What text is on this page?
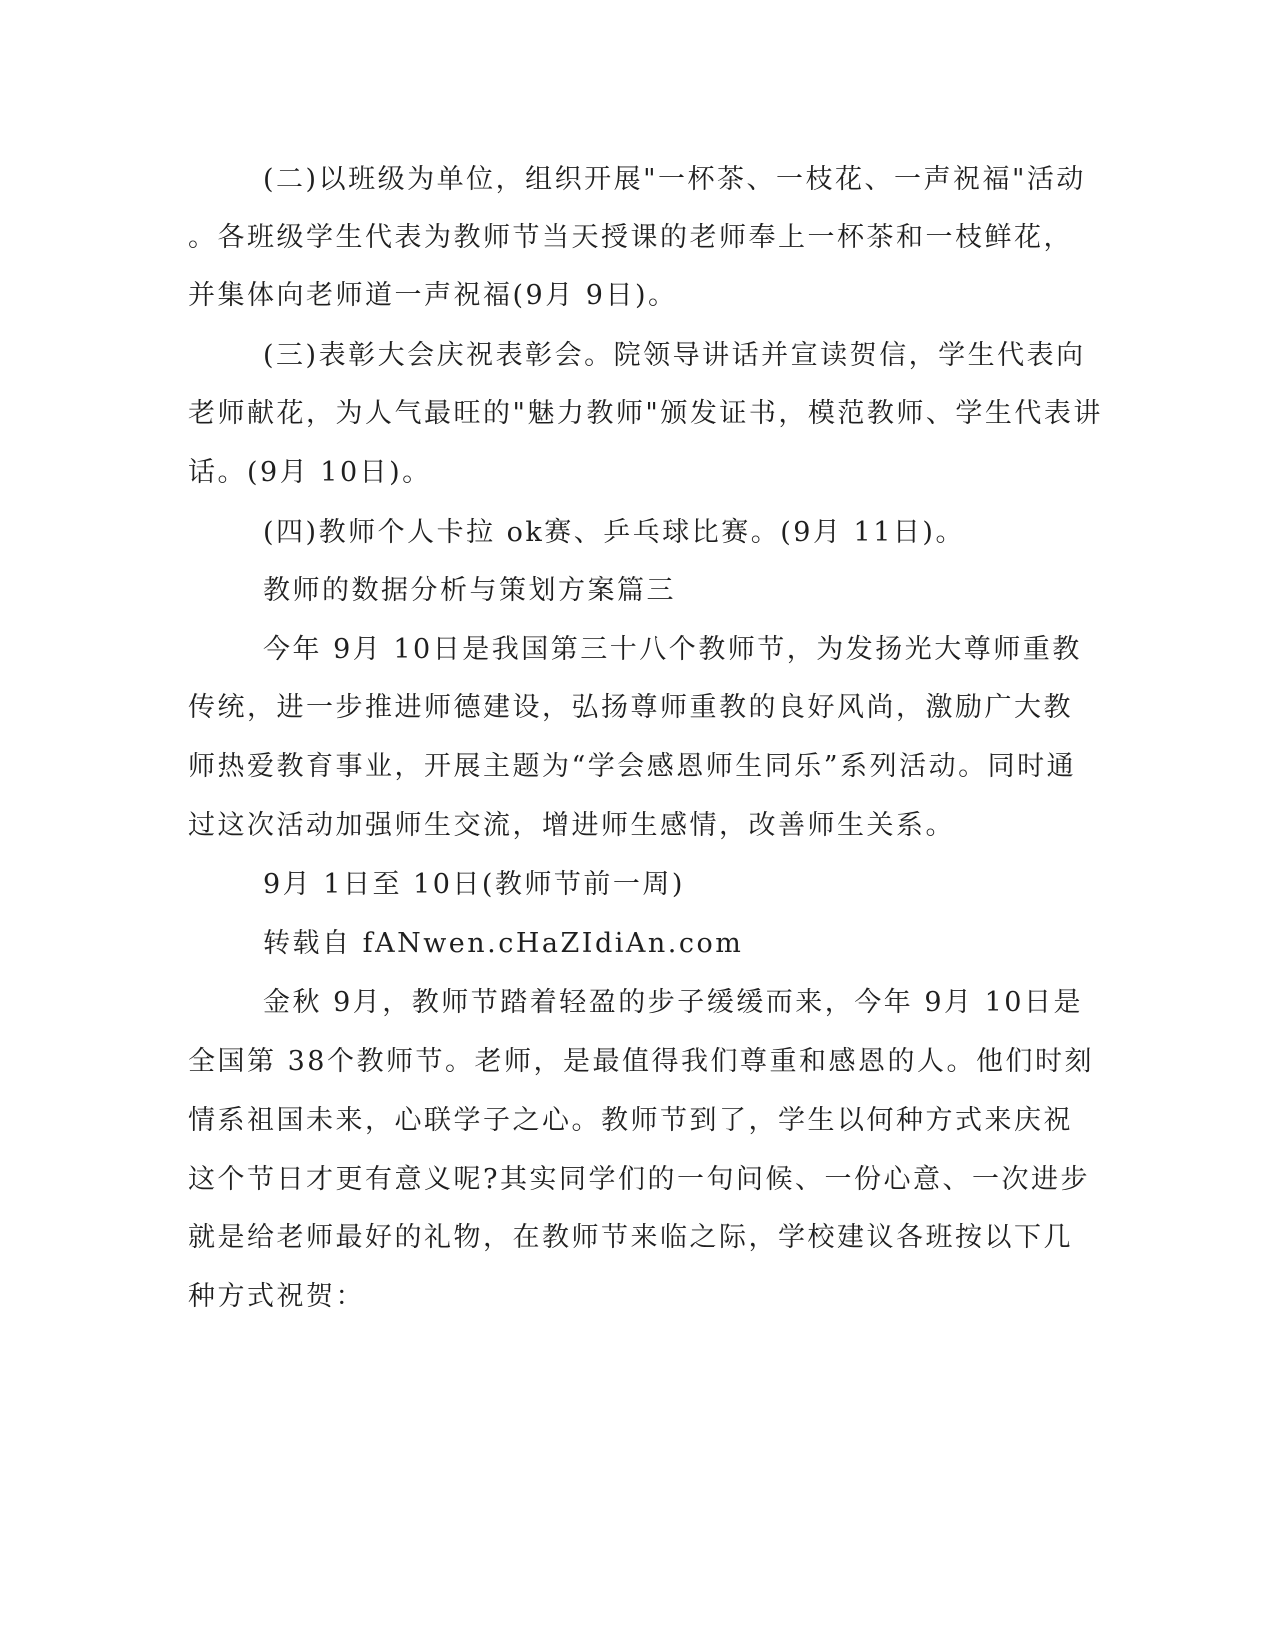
(二)以班级为单位，组织开展"一杯茶、一枝花、一声祝福"活动
。各班级学生代表为教师节当天授课的老师奉上一杯茶和一枝鲜花，
并集体向老师道一声祝福(9月 9日)。
(三)表彰大会庆祝表彰会。院领导讲话并宣读贺信，学生代表向
老师献花，为人气最旺的"魅力教师"颁发证书，模范教师、学生代表讲
话。(9月 10日)。
(四)教师个人卡拉 ok赛、乒乓球比赛。(9月 11日)。
教师的数据分析与策划方案篇三
今年 9月 10日是我国第三十八个教师节，为发扬光大尊师重教
传统，进一步推进师德建设，弘扬尊师重教的良好风尚，激励广大教
师热爱教育事业，开展主题为“学会感恩师生同乐”系列活动。同时通
过这次活动加强师生交流，增进师生感情，改善师生关系。
9月 1日至 10日(教师节前一周)
转载自 fANwen.cHaZIdiAn.com
金秋 9月，教师节踏着轻盈的步子缓缓而来，今年 9月 10日是
全国第 38个教师节。老师，是最值得我们尊重和感恩的人。他们时刻
情系祖国未来，心联学子之心。教师节到了，学生以何种方式来庆祝
这个节日才更有意义呢?其实同学们的一句问候、一份心意、一次进步
就是给老师最好的礼物，在教师节来临之际，学校建议各班按以下几
种方式祝贺：
